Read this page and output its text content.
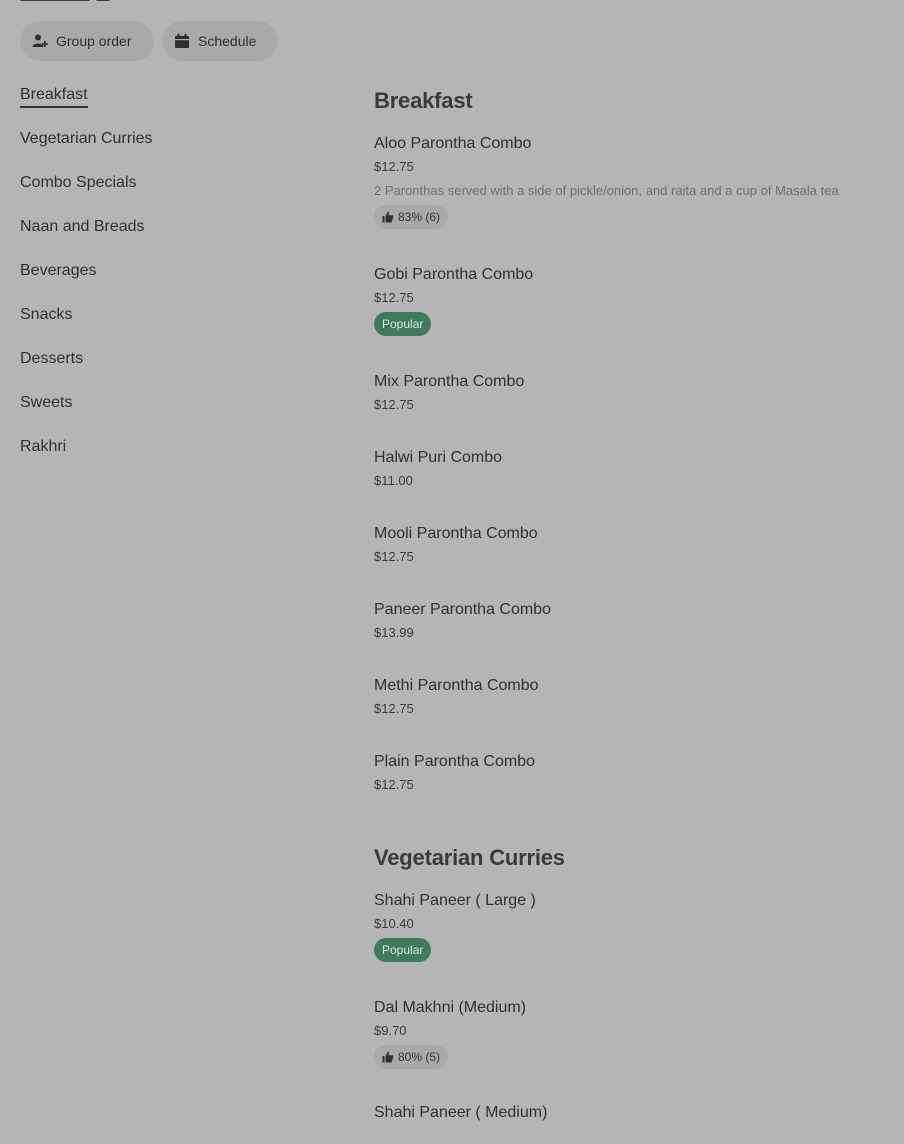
Group order	Schedule
Breakfast
Vegetarian Curries
Combo Specials
Naan and Breads
Beverages
Snacks
Desserts
Sweets
Rakhri
Breakfast
Aloo Parontha Combo
$12.75
2 Paronthas served with a side of pickle/onion, and raita and a cup of Masala tea
83% (6)
Gobi Parontha Combo
$12.75
Popular
Mix Parontha Combo
$12.75
Halwi Puri Combo
$11.00
Mooli Parontha Combo
$12.75
Paneer Parontha Combo
$13.99
Methi Parontha Combo
$12.75
Plain Parontha Combo
$12.75
Vegetarian Curries
Shahi Paneer ( Large )
$10.40
Popular
Dal Makhni (Medium)
$9.70
80% (5)
Shahi Paneer ( Medium)
